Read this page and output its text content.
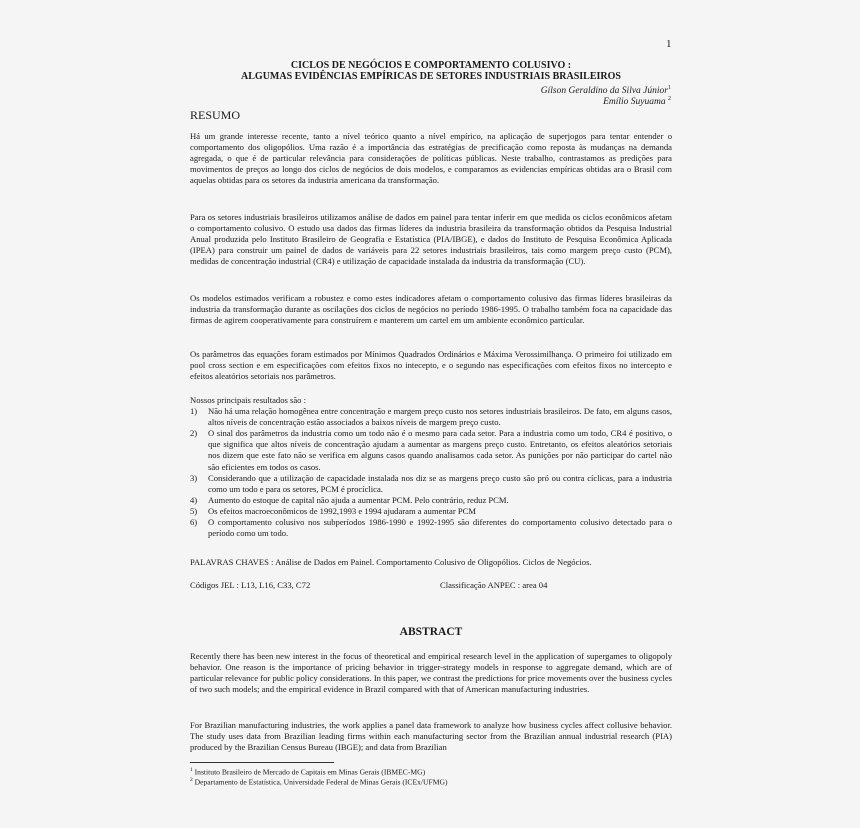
1
CICLOS DE NEGÓCIOS E COMPORTAMENTO COLUSIVO :
ALGUMAS EVIDÊNCIAS EMPÍRICAS DE SETORES INDUSTRIAIS BRASILEIROS
Gílson Geraldino da Silva Júnior$^1$
Emílio Suyuama $^2$
RESUMO
Há um grande interesse recente, tanto a nível teórico quanto a nível empírico, na aplicação de superjogos para tentar entender o comportamento dos oligopólios. Uma razão é a importância das estratégias de precificação como reposta às mudanças na demanda agregada, o que é de particular relevância para considerações de políticas públicas. Neste trabalho, contrastamos as predições para movimentos de preços ao longo dos ciclos de negócios de dois modelos, e comparamos as evidencias empíricas obtidas ara o Brasil com aquelas obtidas para os setores da industria americana da transformação.
Para os setores industriais brasileiros utilizamos análise de dados em painel para tentar inferir em que medida os ciclos econômicos afetam o comportamento colusivo. O estudo usa dados das firmas líderes da industria brasileira da transformação obtidos da Pesquisa Industrial Anual produzida pelo Instituto Brasileiro de Geografia e Estatística (PIA/IBGE), e dados do Instituto de Pesquisa Econômica Aplicada (IPEA) para construir um painel de dados de variáveis para 22 setores industriais brasileiros, tais como margem preço custo (PCM), medidas de concentração industrial (CR4) e utilização de capacidade instalada da industria da transformação (CU).
Os modelos estimados verificam a robustez e como estes indicadores afetam o comportamento colusivo das firmas líderes brasileiras da industria da transformação durante as oscilações dos ciclos de negócios no período 1986-1995. O trabalho também foca na capacidade das firmas de agirem cooperativamente para construírem e manterem um cartel em um ambiente econômico particular.
Os parâmetros das equações foram estimados por Mínimos Quadrados Ordinários e Máxima Verossimilhança. O primeiro foi utilizado em pool cross section e em especificações com efeitos fixos no intecepto, e o segundo nas especificações com efeitos fixos no intercepto e efeitos aleatórios setoriais nos parâmetros.
Nossos principais resultados são :
1)	Não há uma relação homogênea entre concentração e margem preço custo nos setores industriais brasileiros. De fato, em alguns casos, altos níveis de concentração estão associados a baixos níveis de margem preço custo.
2)	O sinal dos parâmetros da industria como um todo não é o mesmo para cada setor. Para a industria como um todo, CR4 é positivo, o que significa que altos níveis de concentração ajudam a aumentar as margens preço custo. Entretanto, os efeitos aleatórios setoriais nos dizem que este fato não se verifica em alguns casos quando analisamos cada setor. As punições por não participar do cartel não são eficientes em todos os casos.
3)	Considerando que a utilização de capacidade instalada nos diz se as margens preço custo são pró ou contra cíclicas, para a industria como um todo e para os setores, PCM é procíclica.
4)	Aumento do estoque de capital não ajuda a aumentar PCM. Pelo contrário, reduz PCM.
5)	Os efeitos macroeconômicos de 1992,1993 e 1994 ajudaram a aumentar PCM
6)	O comportamento colusivo nos subperíodos 1986-1990 e 1992-1995 são diferentes do comportamento colusivo detectado para o período como um todo.
PALAVRAS CHAVES : Análise de Dados em Painel. Comportamento Colusivo de Oligopólios. Ciclos de Negócios.
Códigos JEL : L13, L16, C33, C72	Classificação ANPEC : area 04
ABSTRACT
Recently there has been new interest in the focus of theoretical and empirical research level in the application of supergames to oligopoly behavior. One reason is the importance of pricing behavior in trigger-strategy models in response to aggregate demand, which are of particular relevance for public policy considerations. In this paper, we contrast the predictions for price movements over the business cycles of two such models; and the empirical evidence in Brazil compared with that of American manufacturing industries.
For Brazilian manufacturing industries, the work applies a panel data framework to analyze how business cycles affect collusive behavior. The study uses data from Brazilian leading firms within each manufacturing sector from the Brazilian annual industrial research (PIA) produced by the Brazilian Census Bureau (IBGE); and data from Brazilian
$^1$ Instituto Brasileiro de Mercado de Capitais em Minas Gerais (IBMEC-MG)
$^2$ Departamento de Estatística, Universidade Federal de Minas Gerais (ICEx/UFMG)
